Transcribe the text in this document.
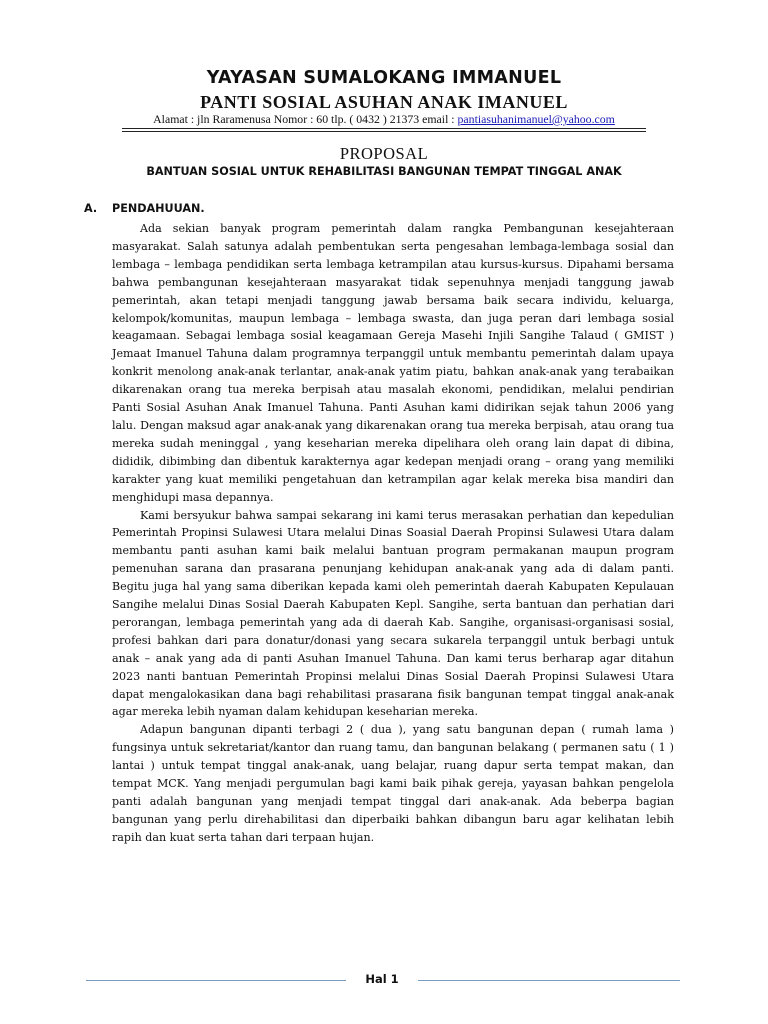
YAYASAN SUMALOKANG IMMANUEL
PANTI SOSIAL ASUHAN ANAK IMANUEL
Alamat : jln Raramenusa Nomor : 60 tlp. ( 0432 ) 21373 email : pantiasuhanimanuel@yahoo.com
PROPOSAL
BANTUAN SOSIAL UNTUK REHABILITASI BANGUNAN TEMPAT TINGGAL ANAK
A. PENDAHUUAN.

Ada sekian banyak program pemerintah dalam rangka Pembangunan kesejahteraan masyarakat. Salah satunya adalah pembentukan serta pengesahan lembaga-lembaga sosial dan lembaga – lembaga pendidikan serta lembaga ketrampilan atau kursus-kursus. Dipahami bersama bahwa pembangunan kesejahteraan masyarakat tidak sepenuhnya menjadi tanggung jawab pemerintah, akan tetapi menjadi tanggung jawab bersama baik secara individu, keluarga, kelompok/komunitas, maupun lembaga – lembaga swasta, dan juga peran dari lembaga sosial keagamaan. Sebagai lembaga sosial keagamaan Gereja Masehi Injili Sangihe Talaud ( GMIST ) Jemaat Imanuel Tahuna dalam programnya terpanggil untuk membantu pemerintah dalam upaya konkrit menolong anak-anak terlantar, anak-anak yatim piatu, bahkan anak-anak yang terabaikan dikarenakan orang tua mereka berpisah atau masalah ekonomi, pendidikan, melalui pendirian Panti Sosial Asuhan Anak Imanuel Tahuna. Panti Asuhan kami didirikan sejak tahun 2006 yang lalu. Dengan maksud agar anak-anak yang dikarenakan orang tua mereka berpisah, atau orang tua mereka sudah meninggal , yang keseharian mereka dipelihara oleh orang lain dapat di dibina, dididik, dibimbing dan dibentuk karakternya agar kedepan menjadi orang – orang yang memiliki karakter yang kuat memiliki pengetahuan dan ketrampilan agar kelak mereka bisa mandiri dan menghidupi masa depannya.

Kami bersyukur bahwa sampai sekarang ini kami terus merasakan perhatian dan kepedulian Pemerintah Propinsi Sulawesi Utara melalui Dinas Soasial Daerah Propinsi Sulawesi Utara dalam membantu panti asuhan kami baik melalui bantuan program permakanan maupun program pemenuhan sarana dan prasarana penunjang kehidupan anak-anak yang ada di dalam panti. Begitu juga hal yang sama diberikan kepada kami oleh pemerintah daerah Kabupaten Kepulauan Sangihe melalui Dinas Sosial Daerah Kabupaten Kepl. Sangihe, serta bantuan dan perhatian dari perorangan, lembaga pemerintah yang ada di daerah Kab. Sangihe, organisasi-organisasi sosial, profesi bahkan dari para donatur/donasi yang secara sukarela terpanggil untuk berbagi untuk anak – anak yang ada di panti Asuhan Imanuel Tahuna. Dan kami terus berharap agar ditahun 2023 nanti bantuan Pemerintah Propinsi melalui Dinas Sosial Daerah Propinsi Sulawesi Utara dapat mengalokasikan dana bagi rehabilitasi prasarana fisik bangunan tempat tinggal anak-anak agar mereka lebih nyaman dalam kehidupan keseharian mereka.

Adapun bangunan dipanti terbagi 2 ( dua ), yang satu bangunan depan ( rumah lama ) fungsinya untuk sekretariat/kantor dan ruang tamu, dan bangunan belakang ( permanen satu ( 1 ) lantai ) untuk tempat tinggal anak-anak, uang belajar, ruang dapur serta tempat makan, dan tempat MCK. Yang menjadi pergumulan bagi kami baik pihak gereja, yayasan bahkan pengelola panti adalah bangunan yang menjadi tempat tinggal dari anak-anak. Ada beberpa bagian bangunan yang perlu direhabilitasi dan diperbaiki bahkan dibangun baru agar kelihatan lebih rapih dan kuat serta tahan dari terpaan hujan.

Hal 1
